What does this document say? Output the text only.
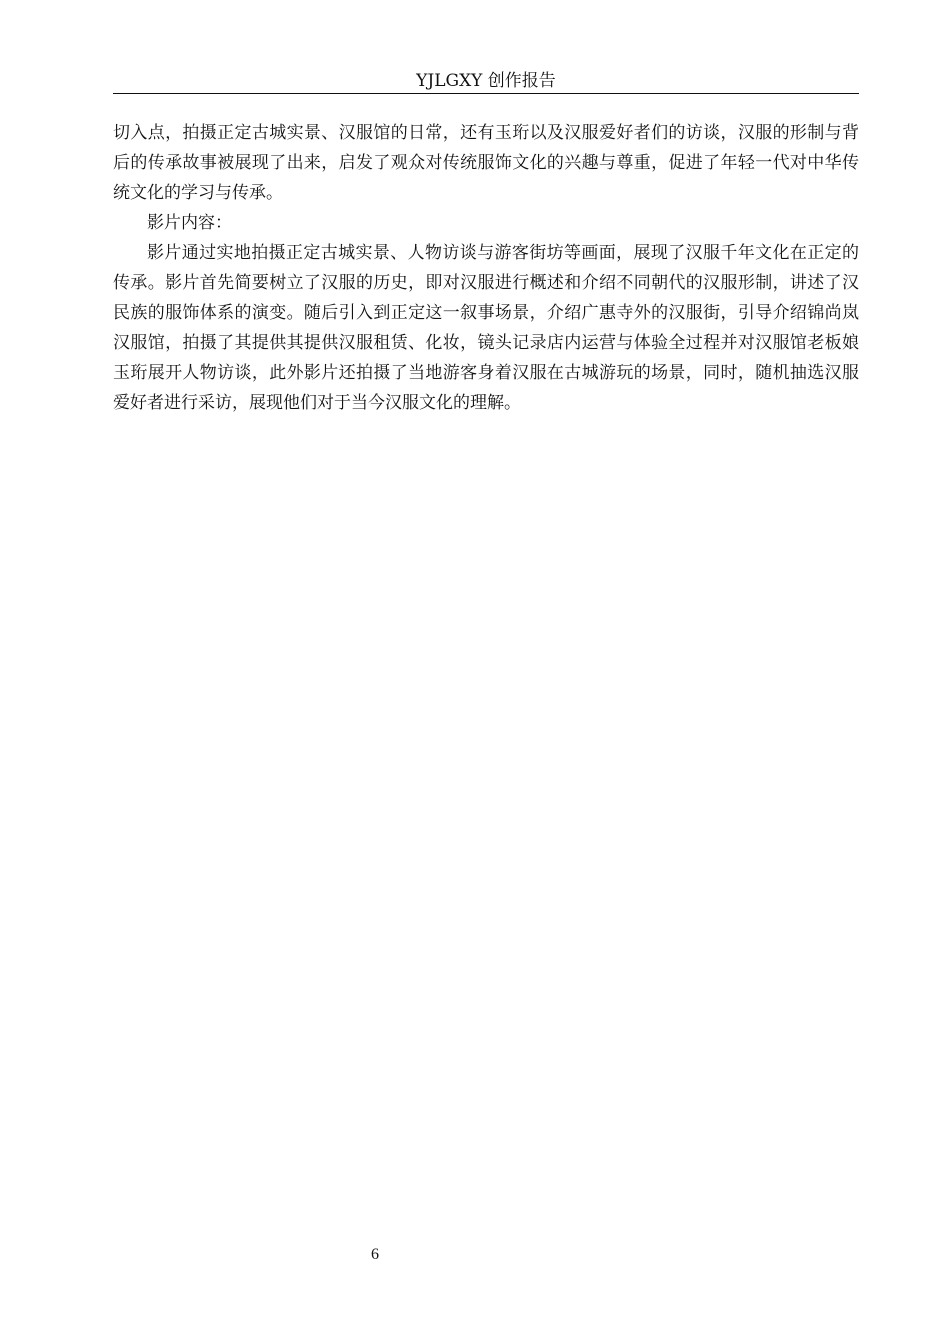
YJLGXY 创作报告

切入点，拍摄正定古城实景、汉服馆的日常，还有玉珩以及汉服爱好者们的访谈，汉服的形制与背后的传承故事被展现了出来，启发了观众对传统服饰文化的兴趣与尊重，促进了年轻一代对中华传统文化的学习与传承。

影片内容：

影片通过实地拍摄正定古城实景、人物访谈与游客街坊等画面，展现了汉服千年文化在正定的传承。影片首先简要树立了汉服的历史，即对汉服进行概述和介绍不同朝代的汉服形制，讲述了汉民族的服饰体系的演变。随后引入到正定这一叙事场景，介绍广惠寺外的汉服街，引导介绍锦尚岚汉服馆，拍摄了其提供其提供汉服租赁、化妆，镜头记录店内运营与体验全过程并对汉服馆老板娘玉珩展开人物访谈，此外影片还拍摄了当地游客身着汉服在古城游玩的场景，同时，随机抽选汉服爱好者进行采访，展现他们对于当今汉服文化的理解。

6
